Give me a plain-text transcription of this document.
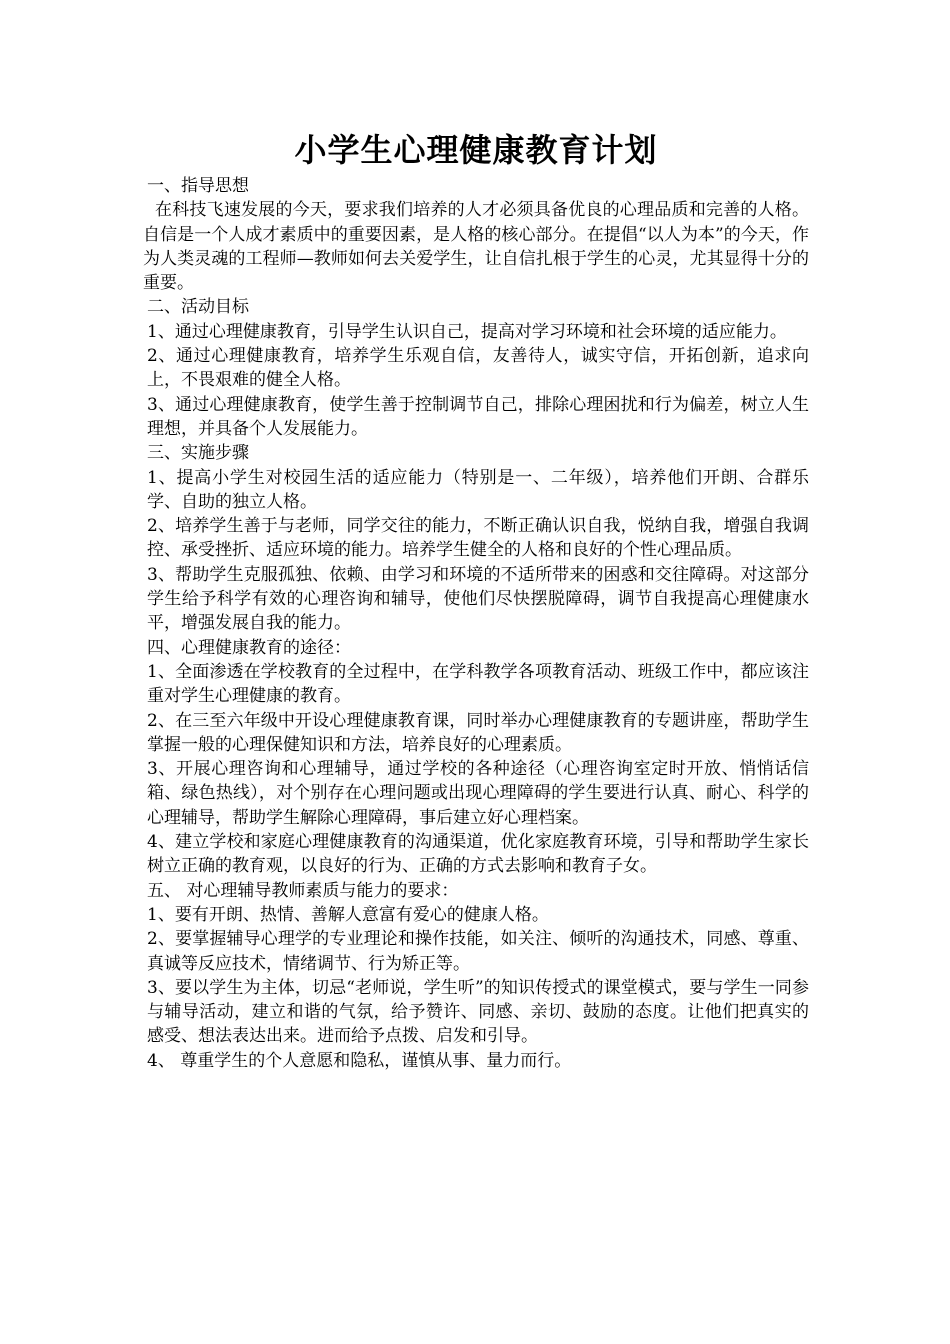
小学生心理健康教育计划

一、指导思想

在科技飞速发展的今天，要求我们培养的人才必须具备优良的心理品质和完善的人格。自信是一个人成才素质中的重要因素，是人格的核心部分。在提倡“以人为本”的今天，作为人类灵魂的工程师—教师如何去关爱学生，让自信扎根于学生的心灵，尤其显得十分的重要。

二、活动目标

1、通过心理健康教育，引导学生认识自己，提高对学习环境和社会环境的适应能力。

2、通过心理健康教育，培养学生乐观自信，友善待人，诚实守信，开拓创新，追求向上，不畏艰难的健全人格。

3、通过心理健康教育，使学生善于控制调节自己，排除心理困扰和行为偏差，树立人生理想，并具备个人发展能力。

三、实施步骤

1、提高小学生对校园生活的适应能力（特别是一、二年级），培养他们开朗、合群乐学、自助的独立人格。

2、培养学生善于与老师，同学交往的能力，不断正确认识自我，悦纳自我，增强自我调控、承受挫折、适应环境的能力。培养学生健全的人格和良好的个性心理品质。

3、帮助学生克服孤独、依赖、由学习和环境的不适所带来的困惑和交往障碍。对这部分学生给予科学有效的心理咨询和辅导，使他们尽快摆脱障碍，调节自我提高心理健康水平，增强发展自我的能力。

四、心理健康教育的途径：

1、全面渗透在学校教育的全过程中，在学科教学各项教育活动、班级工作中，都应该注重对学生心理健康的教育。

2、在三至六年级中开设心理健康教育课，同时举办心理健康教育的专题讲座，帮助学生掌握一般的心理保健知识和方法，培养良好的心理素质。

3、开展心理咨询和心理辅导，通过学校的各种途径（心理咨询室定时开放、悄悄话信箱、绿色热线），对个别存在心理问题或出现心理障碍的学生要进行认真、耐心、科学的心理辅导，帮助学生解除心理障碍，事后建立好心理档案。

4、建立学校和家庭心理健康教育的沟通渠道，优化家庭教育环境，引导和帮助学生家长树立正确的教育观，以良好的行为、正确的方式去影响和教育子女。

五、 对心理辅导教师素质与能力的要求：

1、要有开朗、热情、善解人意富有爱心的健康人格。

2、要掌握辅导心理学的专业理论和操作技能，如关注、倾听的沟通技术，同感、尊重、真诚等反应技术，情绪调节、行为矫正等。

3、要以学生为主体，切忌“老师说，学生听”的知识传授式的课堂模式，要与学生一同参与辅导活动，建立和谐的气氛，给予赞许、同感、亲切、鼓励的态度。让他们把真实的感受、想法表达出来。进而给予点拨、启发和引导。

4、 尊重学生的个人意愿和隐私，谨慎从事、量力而行。
